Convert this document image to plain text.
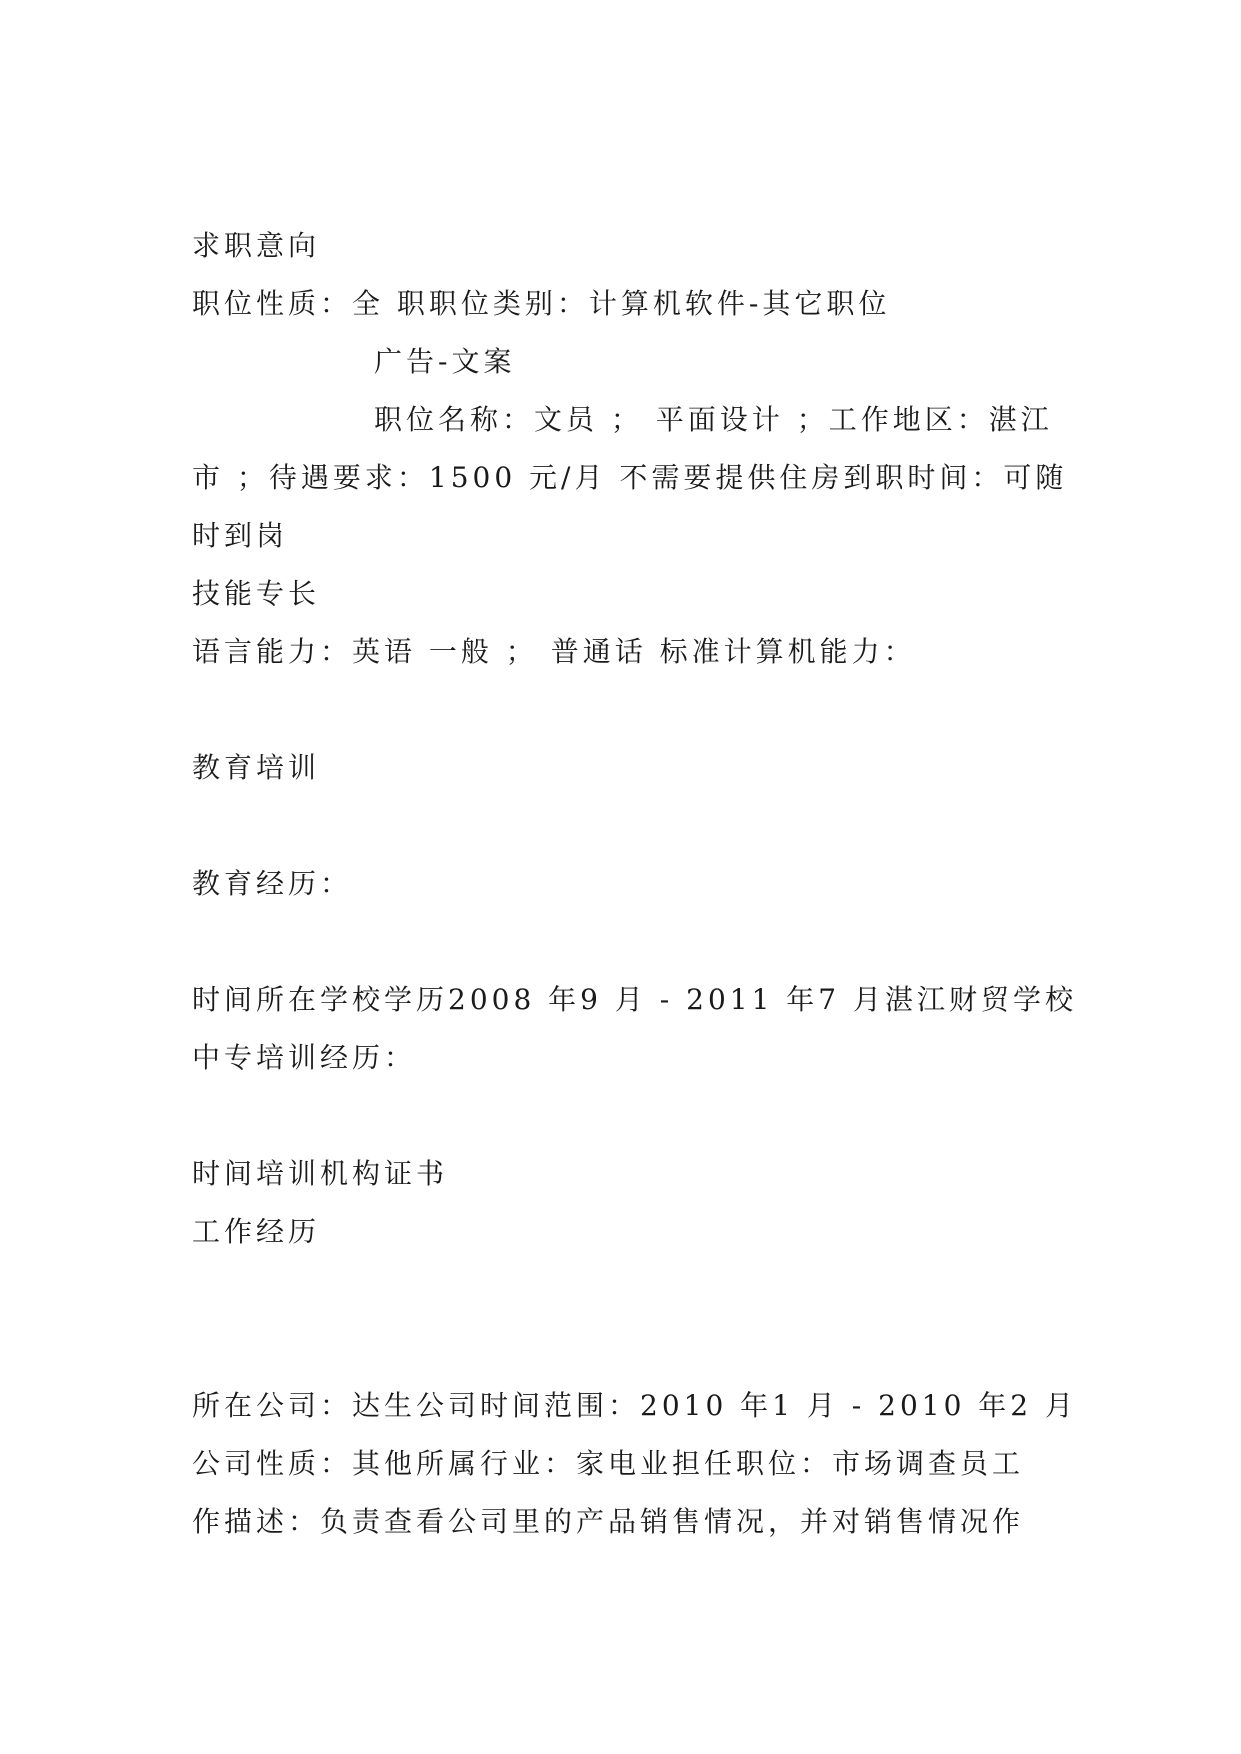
求职意向
职位性质：全 职职位类别：计算机软件-其它职位
广告-文案
职位名称：文员 ； 平面设计 ；工作地区：湛江
市 ；待遇要求：1500 元/月 不需要提供住房到职时间：可随
时到岗
技能专长
语言能力：英语 一般 ； 普通话 标准计算机能力：
教育培训
教育经历：
时间所在学校学历2008 年9 月 - 2011 年7 月湛江财贸学校
中专培训经历：
时间培训机构证书
工作经历
所在公司：达生公司时间范围：2010 年1 月 - 2010 年2 月
公司性质：其他所属行业：家电业担任职位：市场调查员工
作描述：负责查看公司里的产品销售情况，并对销售情况作
